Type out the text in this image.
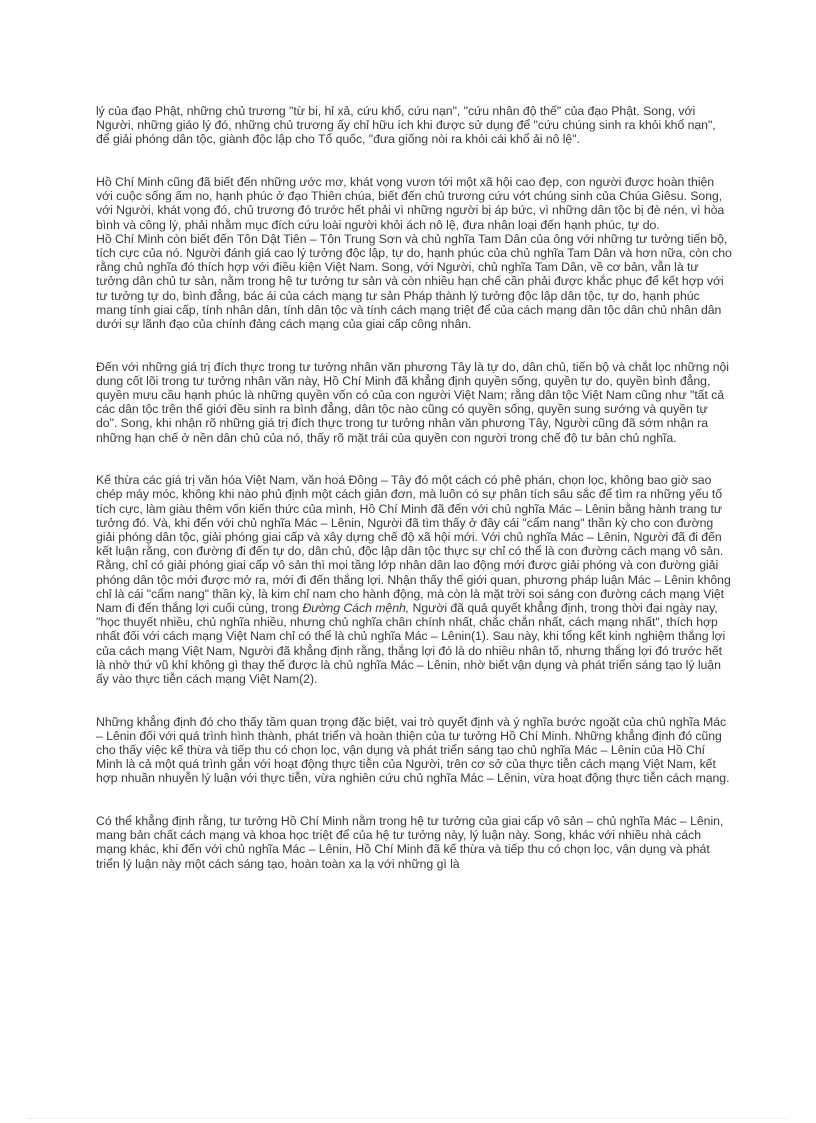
lý của đạo Phật, những chủ trương "từ bi, hỉ xả, cứu khổ, cứu nạn", "cứu nhân độ thế" của đạo Phật. Song, với Người, những giáo lý đó, những chủ trương ấy chỉ hữu ích khi được sử dụng để "cứu chúng sinh ra khỏi khổ nạn", để giải phóng dân tộc, giành độc lập cho Tổ quốc, "đưa giống nòi ra khỏi cái khổ ải nô lệ".

Hồ Chí Minh cũng đã biết đến những ước mơ, khát vọng vươn tới một xã hội cao đẹp, con người được hoàn thiện với cuộc sống ấm no, hạnh phúc ở đạo Thiên chúa, biết đến chủ trương cứu vớt chúng sinh của Chúa Giêsu. Song, với Người, khát vọng đó, chủ trương đó trước hết phải vì những người bị áp bức, vì những dân tộc bị đè nén, vì hòa bình và công lý, phải nhằm mục đích cứu loài người khỏi ách nô lệ, đưa nhân loại đến hạnh phúc, tự do.

Hồ Chí Minh còn biết đến Tôn Dật Tiên – Tôn Trung Sơn và chủ nghĩa Tam Dân của ông với những tư tưởng tiến bộ, tích cực của nó. Người đánh giá cao lý tưởng độc lập, tự do, hạnh phúc của chủ nghĩa Tam Dân và hơn nữa, còn cho rằng chủ nghĩa đó thích hợp với điều kiện Việt Nam. Song, với Người, chủ nghĩa Tam Dân, về cơ bản, vẫn là tư tưởng dân chủ tư sản, nằm trong hệ tư tưởng tư sản và còn nhiều hạn chế cần phải được khắc phục để kết hợp với tư tưởng tự do, bình đẳng, bác ái của cách mạng tư sản Pháp thành lý tưởng độc lập dân tộc, tự do, hạnh phúc mang tính giai cấp, tính nhân dân, tính dân tộc và tính cách mạng triệt để của cách mạng dân tộc dân chủ nhân dân dưới sự lãnh đạo của chính đảng cách mạng của giai cấp công nhân.

Đến với những giá trị đích thực trong tư tưởng nhân văn phương Tây là tự do, dân chủ, tiến bộ và chắt lọc những nội dung cốt lõi trong tư tưởng nhân văn này, Hồ Chí Minh đã khẳng định quyền sống, quyền tự do, quyền bình đẳng, quyền mưu cầu hạnh phúc là những quyền vốn có của con người Việt Nam; rằng dân tộc Việt Nam cũng như "tất cả các dân tộc trên thế giới đều sinh ra bình đẳng, dân tộc nào cũng có quyền sống, quyền sung sướng và quyền tự do". Song, khi nhận rõ những giá trị đích thực trong tư tưởng nhân văn phương Tây, Người cũng đã sớm nhận ra những hạn chế ở nền dân chủ của nó, thấy rõ mặt trái của quyền con người trong chế độ tư bản chủ nghĩa.

Kế thừa các giá trị văn hóa Việt Nam, văn hoá Đông – Tây đó một cách có phê phán, chọn lọc, không bao giờ sao chép máy móc, không khi nào phủ định một cách giản đơn, mà luôn có sự phân tích sâu sắc để tìm ra những yếu tố tích cực, làm giàu thêm vốn kiến thức của mình, Hồ Chí Minh đã đến với chủ nghĩa Mác – Lênin bằng hành trang tư tưởng đó. Và, khi đến với chủ nghĩa Mác – Lênin, Người đã tìm thấy ở đây cái "cẩm nang" thần kỳ cho con đường giải phóng dân tộc, giải phóng giai cấp và xây dựng chế độ xã hội mới. Với chủ nghĩa Mác – Lênin, Người đã đi đến kết luận rằng, con đường đi đến tự do, dân chủ, độc lập dân tộc thực sự chỉ có thể là con đường cách mạng vô sản. Rằng, chỉ có giải phóng giai cấp vô sản thì mọi tầng lớp nhân dân lao động mới được giải phóng và con đường giải phóng dân tộc mới được mở ra, mới đi đến thắng lợi. Nhận thấy thế giới quan, phương pháp luận Mác – Lênin không chỉ là cái "cẩm nang" thần kỳ, là kim chỉ nam cho hành động, mà còn là mặt trời soi sáng con đường cách mạng Việt Nam đi đến thắng lợi cuối cùng, trong Đường Cách mệnh, Người đã quả quyết khẳng định, trong thời đại ngày nay, "học thuyết nhiều, chủ nghĩa nhiều, nhưng chủ nghĩa chân chính nhất, chắc chắn nhất, cách mạng nhất", thích hợp nhất đối với cách mạng Việt Nam chỉ có thể là chủ nghĩa Mác – Lênin(1). Sau này, khi tổng kết kinh nghiệm thắng lợi của cách mạng Việt Nam, Người đã khẳng định rằng, thắng lợi đó là do nhiều nhân tố, nhưng thắng lợi đó trước hết là nhờ thứ vũ khí không gì thay thế được là chủ nghĩa Mác – Lênin, nhờ biết vận dụng và phát triển sáng tạo lý luận ấy vào thực tiễn cách mạng Việt Nam(2).

Những khẳng định đó cho thấy tầm quan trọng đặc biệt, vai trò quyết định và ý nghĩa bước ngoặt của chủ nghĩa Mác – Lênin đối với quá trình hình thành, phát triển và hoàn thiện của tư tưởng Hồ Chí Minh. Những khẳng định đó cũng cho thấy việc kế thừa và tiếp thu có chọn lọc, vận dụng và phát triển sáng tạo chủ nghĩa Mác – Lênin của Hồ Chí Minh là cả một quá trình gắn với hoạt động thực tiễn của Người, trên cơ sở của thực tiễn cách mạng Việt Nam, kết hợp nhuần nhuyễn lý luận với thực tiễn, vừa nghiên cứu chủ nghĩa Mác – Lênin, vừa hoạt động thực tiễn cách mạng.

Có thể khẳng định rằng, tư tưởng Hồ Chí Minh nằm trong hệ tư tưởng của giai cấp vô sản – chủ nghĩa Mác – Lênin, mang bản chất cách mạng và khoa học triệt để của hệ tư tưởng này, lý luận này. Song, khác với nhiều nhà cách mạng khác, khi đến với chủ nghĩa Mác – Lênin, Hồ Chí Minh đã kế thừa và tiếp thu có chọn lọc, vận dụng và phát triển lý luận này một cách sáng tạo, hoàn toàn xa lạ với những gì là
